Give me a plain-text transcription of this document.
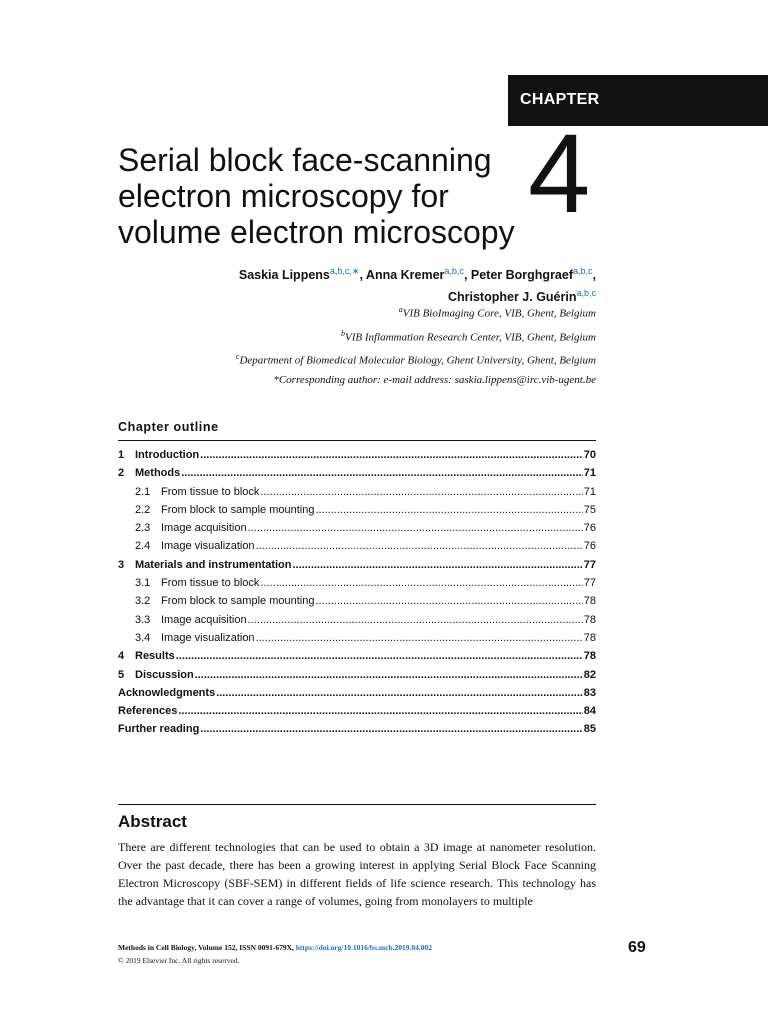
CHAPTER
4
Serial block face-scanning
electron microscopy for
volume electron microscopy
Saskia Lippens$^{a,b,c,∗}$, Anna Kremer$^{a,b,c}$, Peter Borghgraef$^{a,b,c}$,
Christopher J. Guérin$^{a,b,c}$
$^a$VIB BioImaging Core, VIB, Ghent, Belgium
$^b$VIB Inflammation Research Center, VIB, Ghent, Belgium
$^c$Department of Biomedical Molecular Biology, Ghent University, Ghent, Belgium
*Corresponding author: e-mail address: saskia.lippens@irc.vib-ugent.be
Chapter outline
1 Introduction .....	70
2 Methods .....	71
2.1 From tissue to block .....	71
2.2 From block to sample mounting .....	75
2.3 Image acquisition .....	76
2.4 Image visualization .....	76
3 Materials and instrumentation .....	77
3.1 From tissue to block .....	77
3.2 From block to sample mounting .....	78
3.3 Image acquisition .....	78
3.4 Image visualization .....	78
4 Results .....	78
5 Discussion .....	82
Acknowledgments .....	83
References .....	84
Further reading .....	85
Abstract

There are different technologies that can be used to obtain a 3D image at nanometer resolution. Over the past decade, there has been a growing interest in applying Serial Block Face Scanning Electron Microscopy (SBF-SEM) in different fields of life science research. This technology has the advantage that it can cover a range of volumes, going from monolayers to multiple

Methods in Cell Biology, Volume 152, ISSN 0091-679X, https://doi.org/10.1016/bs.mcb.2019.04.002
© 2019 Elsevier Inc. All rights reserved.
69
